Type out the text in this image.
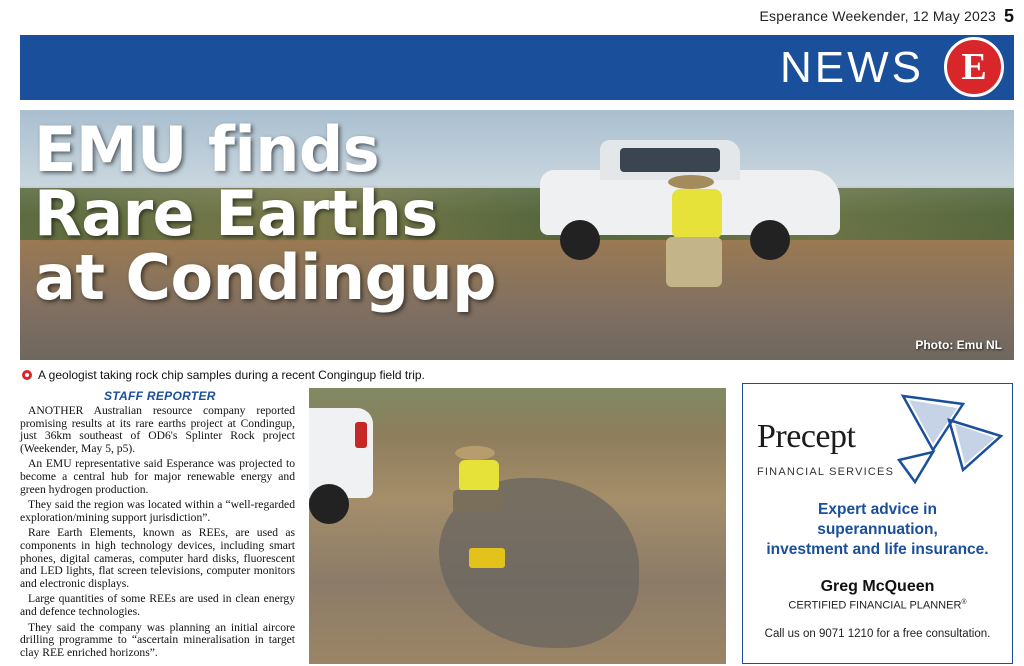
Esperance Weekender, 12 May 2023 5
NEWS E
EMU finds
Rare Earths
at Condingup
Photo: Emu NL
A geologist taking rock chip samples during a recent Congingup field trip.
STAFF REPORTER

ANOTHER Australian resource company reported promising results at its rare earths project at Condingup, just 36km southeast of OD6's Splinter Rock project (Weekender, May 5, p5).

An EMU representative said Esperance was projected to become a central hub for major renewable energy and green hydrogen production.

They said the region was located within a “well-regarded exploration/mining support jurisdiction”.

Rare Earth Elements, known as REEs, are used as components in high technology devices, including smart phones, digital cameras, computer hard disks, fluorescent and LED lights, flat screen televisions, computer monitors and electronic displays.

Large quantities of some REEs are used in clean energy and defence technologies.

They said the company was planning an initial aircore drilling programme to “ascertain mineralisation in target clay REE enriched horizons”.

Precept
FINANCIAL SERVICES
Expert advice in
superannuation,
investment and life insurance.
Greg McQueen
CERTIFIED FINANCIAL PLANNER®
Call us on 9071 1210 for a free consultation.
